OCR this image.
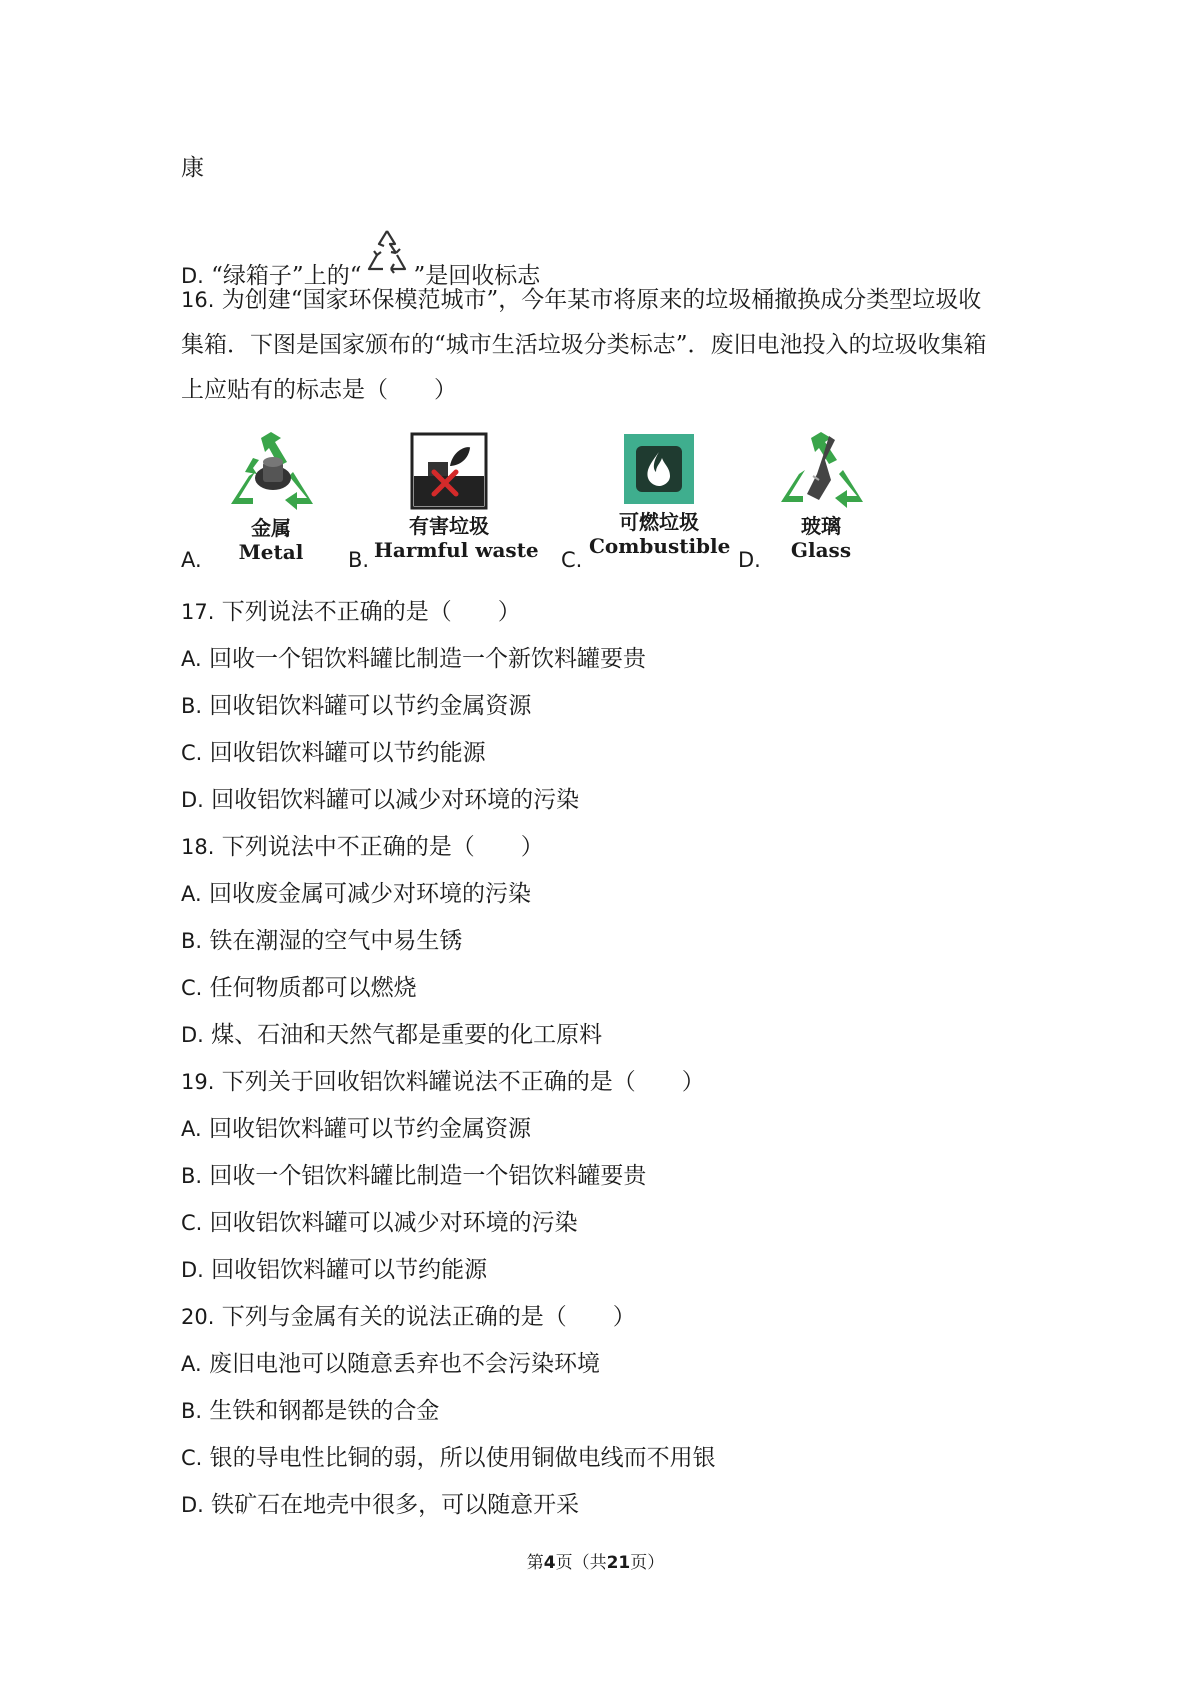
康
D. “绿箱子”上的“ ”是回收标志
16. 为创建“国家环保模范城市”，今年某市将原来的垃圾桶撤换成分类型垃圾收
集箱．下图是国家颁布的“城市生活垃圾分类标志”．废旧电池投入的垃圾收集箱
上应贴有的标志是（　　）
A.
金属
Metal	B.
有害垃圾
Harmful waste C.
可燃垃圾
Combustible
D.
玻璃
Glass
17. 下列说法不正确的是（　　）
A. 回收一个铝饮料罐比制造一个新饮料罐要贵
B. 回收铝饮料罐可以节约金属资源
C. 回收铝饮料罐可以节约能源
D. 回收铝饮料罐可以减少对环境的污染
18. 下列说法中不正确的是（　　）
A. 回收废金属可减少对环境的污染
B. 铁在潮湿的空气中易生锈
C. 任何物质都可以燃烧
D. 煤、石油和天然气都是重要的化工原料
19. 下列关于回收铝饮料罐说法不正确的是（　　）
A. 回收铝饮料罐可以节约金属资源
B. 回收一个铝饮料罐比制造一个铝饮料罐要贵
C. 回收铝饮料罐可以减少对环境的污染
D. 回收铝饮料罐可以节约能源
20. 下列与金属有关的说法正确的是（　　）
A. 废旧电池可以随意丢弃也不会污染环境
B. 生铁和钢都是铁的合金
C. 银的导电性比铜的弱，所以使用铜做电线而不用银
D. 铁矿石在地壳中很多，可以随意开采
第4页（共21页）
